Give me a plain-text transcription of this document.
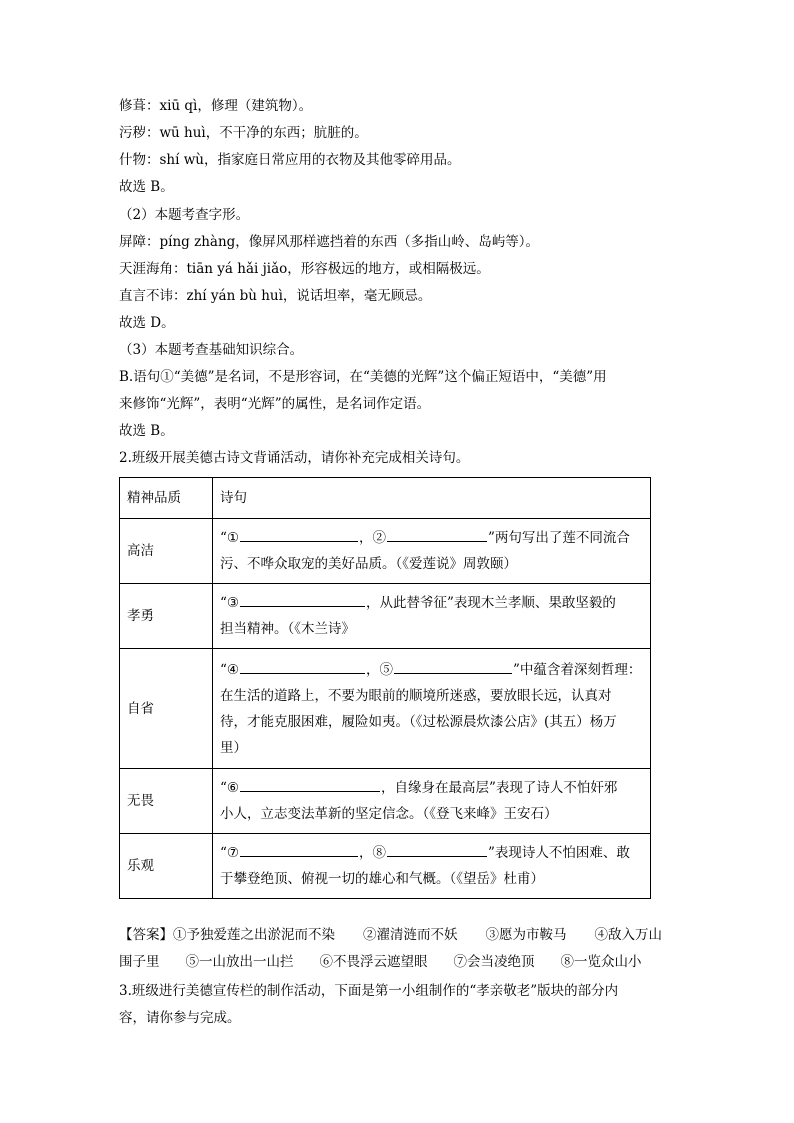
修葺：xiū qì，修理（建筑物）。
污秽：wū huì，不干净的东西；肮脏的。
什物：shí wù，指家庭日常应用的衣物及其他零碎用品。
故选 B。
（2）本题考查字形。
屏障：píng zhàng，像屏风那样遮挡着的东西（多指山岭、岛屿等）。
天涯海角：tiān yá hǎi jiǎo，形容极远的地方，或相隔极远。
直言不讳：zhí yán bù huì，说话坦率，毫无顾忌。
故选 D。
（3）本题考查基础知识综合。
B.语句①“美德”是名词，不是形容词，在“美德的光辉”这个偏正短语中，“美德”用
来修饰“光辉”，表明“光辉”的属性，是名词作定语。
故选 B。
2.班级开展美德古诗文背诵活动，请你补充完成相关诗句。
精神品质	诗句
高洁	“① ，② ”两句写出了莲不同流合
污、不哗众取宠的美好品质。（《爱莲说》周敦颐）
孝勇	“③ ，从此替爷征”表现木兰孝顺、果敢坚毅的
担当精神。（《木兰诗》
自省	“④ ，⑤ ”中蕴含着深刻哲理：
在生活的道路上，不要为眼前的顺境所迷惑，要放眼长远，认真对
待，才能克服困难，履险如夷。（《过松源晨炊漆公店》(其五）杨万
里）
无畏	“⑥ ，自缘身在最高层”表现了诗人不怕奸邪
小人，立志变法革新的坚定信念。（《登飞来峰》王安石）
乐观	“⑦ ，⑧ ”表现诗人不怕困难、敢
于攀登绝顶、俯视一切的雄心和气概。（《望岳》杜甫）
【答案】①予独爱莲之出淤泥而不染 ②濯清涟而不妖 ③愿为市鞍马 ④敌入万山
围子里 ⑤一山放出一山拦 ⑥不畏浮云遮望眼 ⑦会当凌绝顶 ⑧一览众山小
3.班级进行美德宣传栏的制作活动，下面是第一小组制作的“孝亲敬老”版块的部分内
容，请你参与完成。
